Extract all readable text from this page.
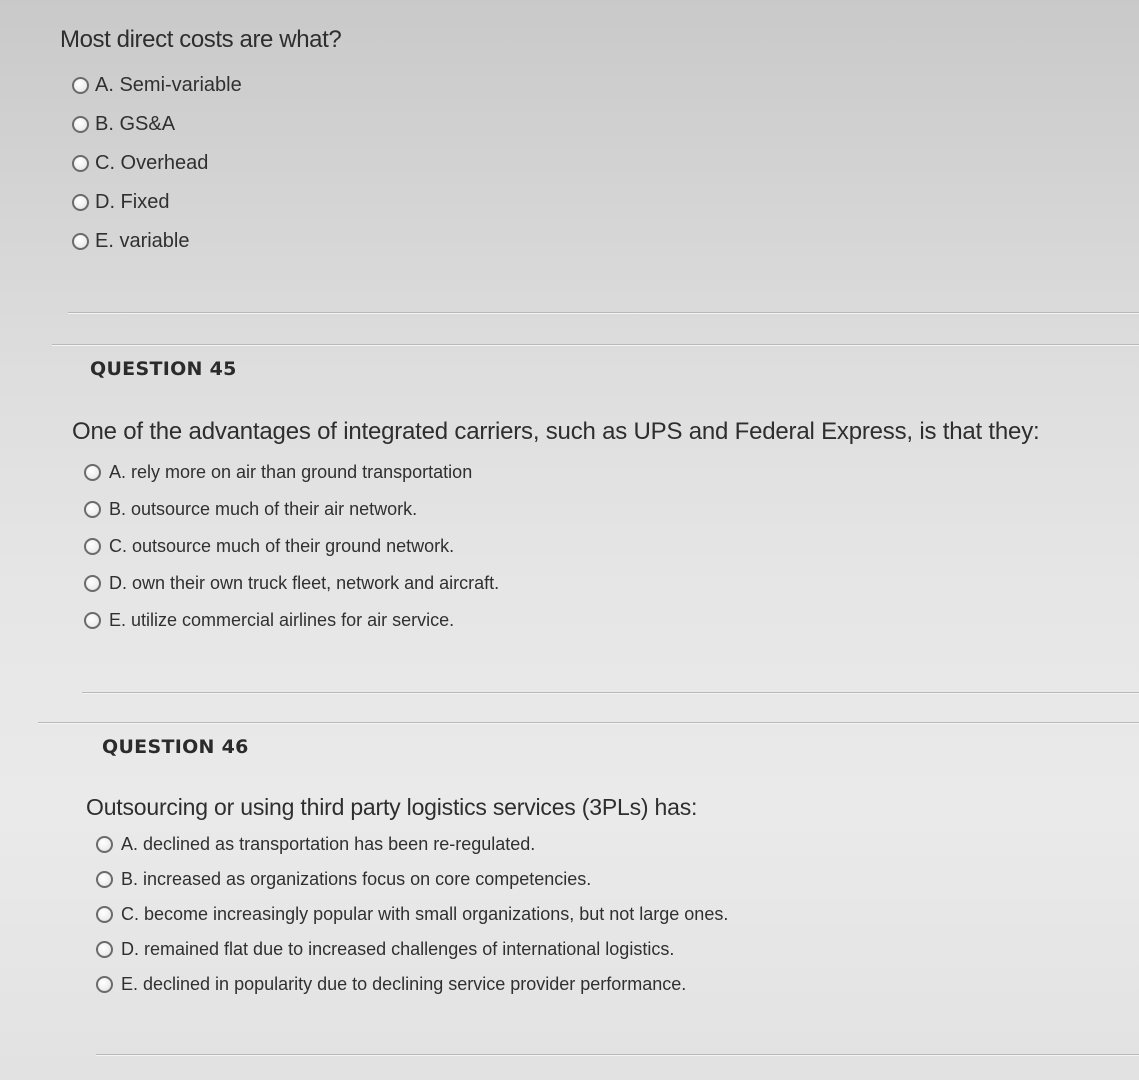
Most direct costs are what?

A. Semi-variable
B. GS&A
C. Overhead
D. Fixed
E. variable
QUESTION 45

One of the advantages of integrated carriers, such as UPS and Federal Express, is that they:

A. rely more on air than ground transportation
B. outsource much of their air network.
C. outsource much of their ground network.
D. own their own truck fleet, network and aircraft.
E. utilize commercial airlines for air service.
QUESTION 46

Outsourcing or using third party logistics services (3PLs) has:

A. declined as transportation has been re-regulated.
B. increased as organizations focus on core competencies.
C. become increasingly popular with small organizations, but not large ones.
D. remained flat due to increased challenges of international logistics.
E. declined in popularity due to declining service provider performance.
